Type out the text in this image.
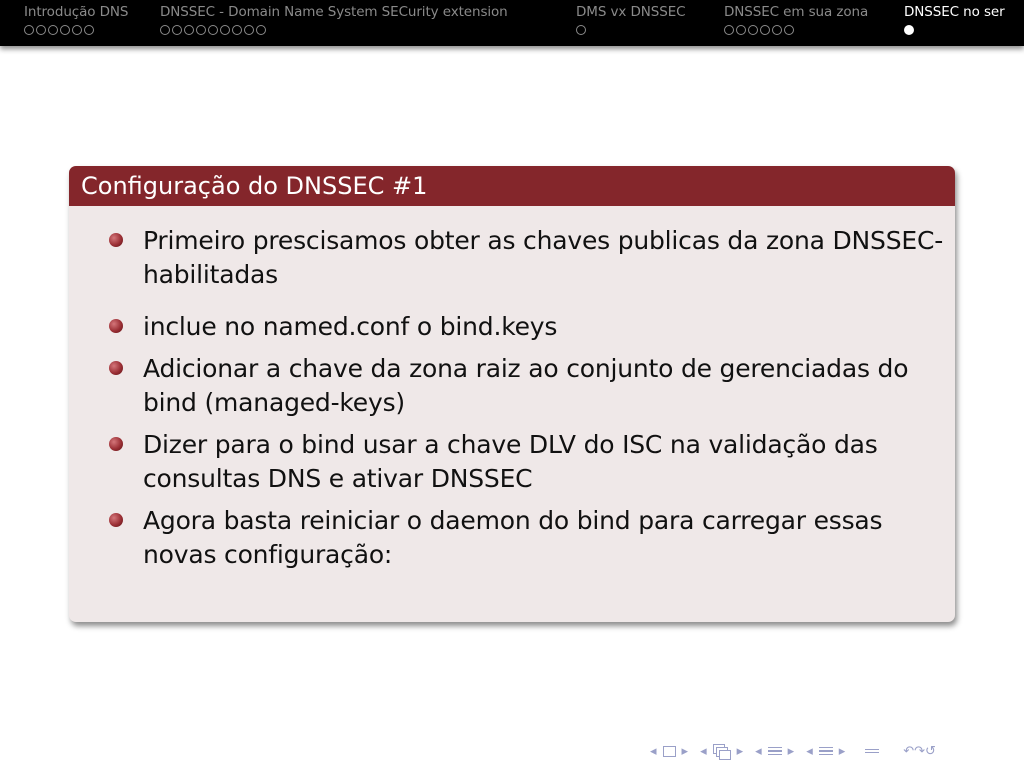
Introdução DNS DNSSEC - Domain Name System SECurity extension	DMS vx DNSSEC	DNSSEC em sua zona	DNSSEC no ser
Configuração do DNSSEC #1
Primeiro prescisamos obter as chaves publicas da zona DNSSEC-habilitadas
inclue no named.conf o bind.keys
Adicionar a chave da zona raiz ao conjunto de gerenciadas do bind (managed-keys)
Dizer para o bind usar a chave DLV do ISC na validação das consultas DNS e ativar DNSSEC
Agora basta reiniciar o daemon do bind para carregar essas novas configuração:
◂ ▸ ◂ ▸ ◂ ▸ ◂ ▸	↶↷↺
